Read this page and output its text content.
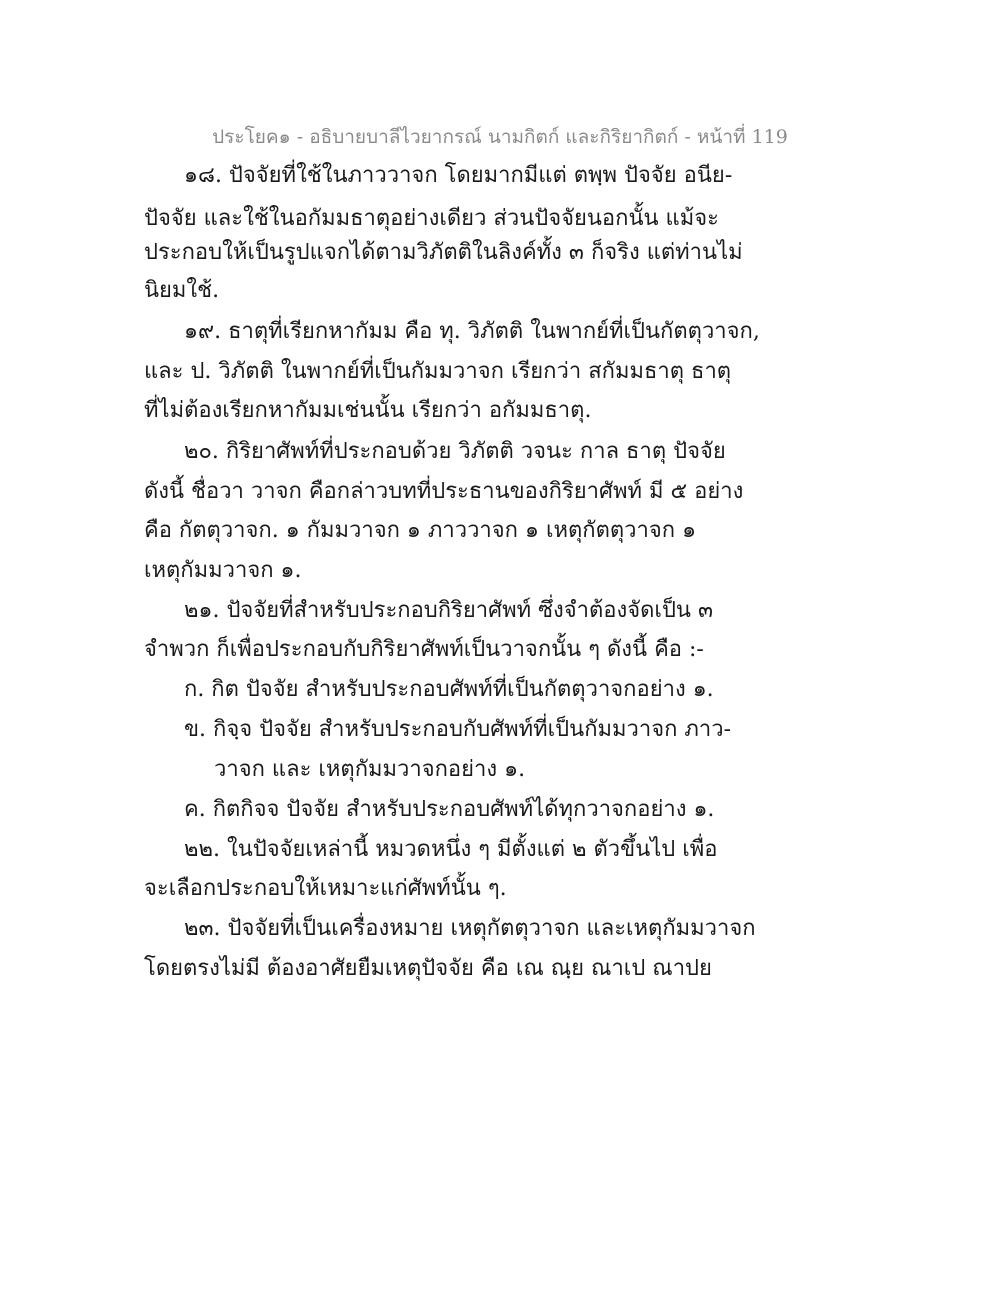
ประโยค๑ - อธิบายบาลีไวยากรณ์ นามกิตก์ และกิริยากิตก์ - หน้าที่ 119
๑๘. ปัจจัยที่ใช้ในภาววาจก โดยมากมีแต่ ตพฺพ ปัจจัย อนีย-
ปัจจัย และใช้ในอกัมมธาตุอย่างเดียว ส่วนปัจจัยนอกนั้น แม้จะ
ประกอบให้เป็นรูปแจกได้ตามวิภัตติในลิงค์ทั้ง ๓ ก็จริง แต่ท่านไม่
นิยมใช้.
๑๙. ธาตุที่เรียกหากัมม คือ ทุ. วิภัตติ ในพากย์ที่เป็นกัตตุวาจก,
และ ป. วิภัตติ ในพากย์ที่เป็นกัมมวาจก เรียกว่า สกัมมธาตุ ธาตุ
ที่ไม่ต้องเรียกหากัมมเช่นนั้น เรียกว่า อกัมมธาตุ.
๒๐. กิริยาศัพท์ที่ประกอบด้วย วิภัตติ วจนะ กาล ธาตุ ปัจจัย
ดังนี้ ชื่อวา วาจก คือกล่าวบทที่ประธานของกิริยาศัพท์ มี ๕ อย่าง
คือ กัตตุวาจก. ๑ กัมมวาจก ๑ ภาววาจก ๑ เหตุกัตตุวาจก ๑
เหตุกัมมวาจก ๑.
๒๑. ปัจจัยที่สำหรับประกอบกิริยาศัพท์ ซึ่งจำต้องจัดเป็น ๓
จำพวก ก็เพื่อประกอบกับกิริยาศัพท์เป็นวาจกนั้น ๆ ดังนี้ คือ :-
ก. กิต ปัจจัย สำหรับประกอบศัพท์ที่เป็นกัตตุวาจกอย่าง ๑.
ข. กิจฺจ ปัจจัย สำหรับประกอบกับศัพท์ที่เป็นกัมมวาจก ภาว-
วาจก และ เหตุกัมมวาจกอย่าง ๑.
ค. กิตกิจจ ปัจจัย สำหรับประกอบศัพท์ได้ทุกวาจกอย่าง ๑.
๒๒. ในปัจจัยเหล่านี้ หมวดหนึ่ง ๆ มีตั้งแต่ ๒ ตัวขึ้นไป เพื่อ
จะเลือกประกอบให้เหมาะแก่ศัพท์นั้น ๆ.
๒๓. ปัจจัยที่เป็นเครื่องหมาย เหตุกัตตุวาจก และเหตุกัมมวาจก
โดยตรงไม่มี ต้องอาศัยยืมเหตุปัจจัย คือ เณ ณฺย ณาเป ณาปย
